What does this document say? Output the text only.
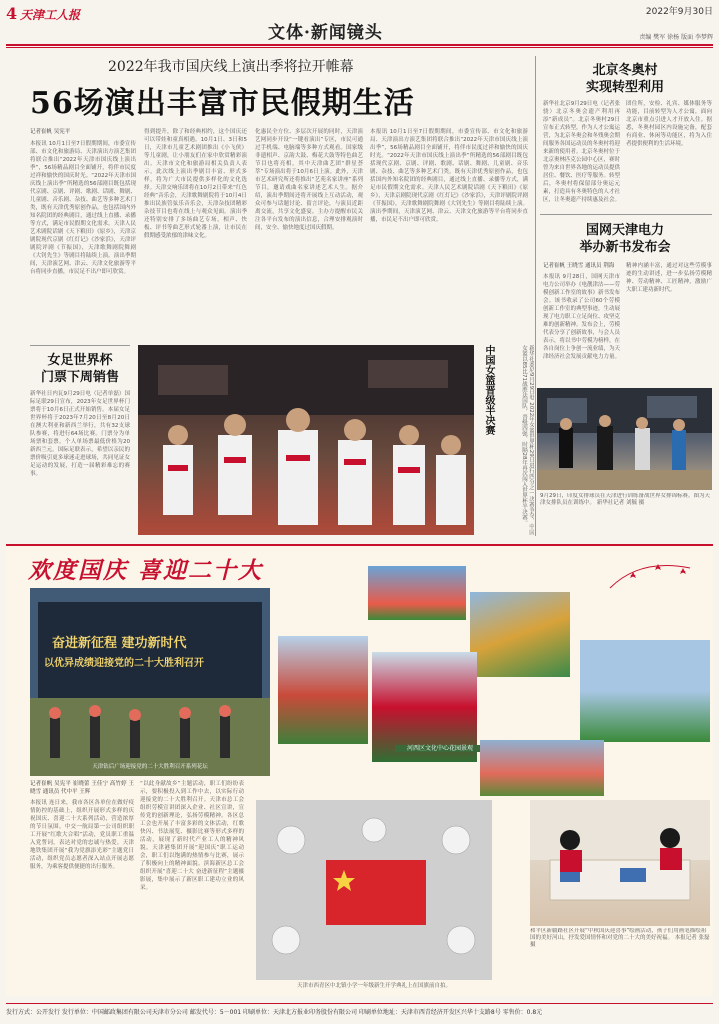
4 天津工人报	2022年9月30日
文体·新闻镜头	责编 樊军 徐杨 版面 李梦辉
2022年我市国庆线上演出季将拉开帷幕
56场演出丰富市民假期生活
记者崔帆 吴宪平
本报讯 10月1日至7日假期期间，市委宣传部、市文化和旅游局、天津演出方演艺集团将联合推出“2022年天津市国庆线上演出季”，56场精品剧目全面铺开，将伴市民度过祥和愉快的国庆时光。“2022年天津市国庆线上演出季”所精选的56部剧目既包括现代京剧、京剧、评剧、歌剧、话剧、舞剧、儿童剧、音乐剧、杂技、曲艺等多种艺术门类，既有天津优秀原创作品，也包括国内外知名院团的经典剧目，通过线上直播、录播等方式，满足市民假期文化需求。天津人民艺术剧院话剧《天下粮田》《原乡》，天津京剧院现代京剧《红灯记》《沙家浜》，天津评剧院评剧《节振国》，天津歌舞剧院舞剧《大钊先生》等剧目将陆续上演。演出季期间，天津演艺网、津云、天津文化旅游等平台将同步直播，市民足不出户即可欣赏。
得到提升，除了和经典相约，这个国庆还可以带娃和童真相遇。10月1日、3日和5日，天津市儿童艺术剧团推出《小飞侠》等儿童剧，让小朋友们在家中欣赏精彩演出。天津市文化和旅游局相关负责人表示，此次线上演出季剧目丰富、形式多样，将为广大市民提供多样化的文化选择。天津交响乐团将在10月2日带来“红色经典”音乐会，天津歌舞剧院将于10月4日推出民族管弦乐音乐会，天津杂技团精彩杂技节目也将在线上与观众见面。演出季还特别安排了多场曲艺专场，相声、快板、评书等曲艺形式轮番上演，让市民在假期感受浓郁的津味文化。
化惠民全方位、多层次开展的同时，天津演艺网同步开设“一键看演出”专区，市民可通过手机端、电脑端等多种方式观看。国家级非遗相声、京韵大鼓、梅花大鼓等特色曲艺节目也将亮相，其中天津曲艺团“群星荟萃”专场演出将于10月6日上演。此外，天津市艺术研究所还将推出“艺苑名家讲座”系列节目，邀请戏曲名家讲述艺术人生。据介绍，演出季期间还将开展线上互动活动，观众可参与话题讨论、留言评论，与演员近距离交流，共享文化盛宴。主办方提醒市民关注各平台发布的演出信息，合理安排观演时间，安全、愉快地度过国庆假期。
本报讯 10月1日至7日假期期间，市委宣传部、市文化和旅游局、天津演出方演艺集团将联合推出“2022年天津市国庆线上演出季”，56场精品剧目全面铺开，将伴市民度过祥和愉快的国庆时光。“2022年天津市国庆线上演出季”所精选的56部剧目既包括现代京剧、京剧、评剧、歌剧、话剧、舞剧、儿童剧、音乐剧、杂技、曲艺等多种艺术门类，既有天津优秀原创作品，也包括国内外知名院团的经典剧目，通过线上直播、录播等方式，满足市民假期文化需求。天津人民艺术剧院话剧《天下粮田》《原乡》，天津京剧院现代京剧《红灯记》《沙家浜》，天津评剧院评剧《节振国》，天津歌舞剧院舞剧《大钊先生》等剧目将陆续上演。演出季期间，天津演艺网、津云、天津文化旅游等平台将同步直播，市民足不出户即可欣赏。
北京冬奥村
实现转型利用
新华社北京9月29日电（记者张骁）北京冬奥会遗产利用再添“新成员”。北京冬奥村29日宣布正式转型，作为人才公寓运营，为北京冬奥会和冬残奥会期间服务各国运动员的冬奥村将迎来新的使用者。北京冬奥村位于北京奥林匹克公园中心区，赛时曾为来自世界各地的运动员提供居住、餐饮、医疗等服务。转型后，冬奥村将保留部分奥运元素，打造具有冬奥特色的人才社区，让冬奥遗产持续惠及社会。
团住所，安检、礼宾、媒体服务等功能，目前转型为人才公寓，面向北京市重点引进人才开放入住。据悉，冬奥村园区内设施完备，配套有商业、休闲等功能区，将为入住者提供便利的生活环境。
国网天津电力
举办新书发布会
记者崔帆 王晓雪 通讯员 荆海
本报讯 9月28日，国网天津市电力公司举办《电靓津沽——劳模创新工作室的故事》新书发布会。该书收录了公司60个劳模创新工作室的典型事迹，生动展现了电力职工立足岗位、攻坚克难的创新精神。发布会上，劳模代表分享了创新故事，与会人员表示，将以书中劳模为榜样，在各自岗位上争创一流业绩，为天津经济社会发展贡献电力力量。
精神内涵丰富，通过对这些劳模事迹的生动讲述，进一步弘扬劳模精神、劳动精神、工匠精神，激励广大职工建功新时代。
9月29日，印度女排球员在天津进行训练备战世界女排锦标赛。图为天津女排队员在训练中。 新华社记者 刘毓 摄
女足世界杯
门票下周销售
新华社日内瓦9月29日电（记者单磊）国际足联29日宣布，2023年女足世界杯门票将于10月6日正式开始销售。本届女足世界杯将于2023年7月20日至8月20日在澳大利亚和新西兰举行，共有32支球队参赛，将进行64场比赛。门票分为单场票和套票，个人单场票最低价格为20新西兰元。国际足联表示，希望以亲民的票价吸引更多球迷走进球场，共同见证女足运动的发展，打造一届精彩难忘的赛事。
中国女篮晋级半决赛	新华社悉尼9月29日电 2022年女篮世界杯29日进行四分之一决赛争夺，中国女篮以85比71战胜法国队，晋级四强，时隔28年再次闯入世界杯半决赛。
欢度国庆 喜迎二十大
奋进新征程 建功新时代
以优异成绩迎接党的二十大胜利召开
天津钻后广场迎接党的二十大胜利召开系列花坛
河西区文化中心花园景观
记者崔帆 吴宪平 崔晓蕾 王佳宁 高竹婷 王晓雪 通讯员 代中平 王辉
本报讯 连日来，我市各区各单位在做好疫情防控的基础上，组织开展形式多样的庆祝国庆、喜迎二十大系列活动，营造浓厚的节日氛围。中交一航局第一公司组织职工开展“红歌大合唱”活动，党员职工重温入党誓词，表达对党的忠诚与热爱。天津地铁集团开展“我为党旗添光彩”主题党日活动，组织党员志愿者深入站点开展志愿服务，为乘客提供便捷的出行服务。
“以此身献故乡”主题活动，职工们纷纷表示，要积极投入到工作中去，以实际行动迎接党的二十大胜利召开。天津市总工会组织劳模宣讲团深入企业、社区宣讲，宣传党的创新理论，弘扬劳模精神。各区总工会也开展了丰富多彩的文体活动，红歌快闪、书法展览、摄影比赛等形式多样的活动，展现了新时代产业工人的精神风貌。天津港集团开展“迎国庆”职工运动会，职工们以饱满的热情参与比赛，展示了积极向上的精神面貌。滨海新区总工会组织开展“喜迎二十大 奋进新征程”主题摄影展，集中展示了新区职工建功立业的风采。
天津市西青区中北镇小学一年级新生开学典礼上在国旗前自拍。
和平区新疆路社区开展“中秋国庆迎喜事”绘画活动，孩子们用画笔描绘祖国的美好河山，抒发爱国情怀和对党的二十大的美好祝福。 本报记者 张磊 摄
发行方式：公开发行 发行单位：中国邮政集团有限公司天津市分公司 邮发代号：5－001 印刷单位：天津北方报业印务股份有限公司 印刷单位地址：天津市西青经济开发区兴华十支路8号 零售价：0.8元
